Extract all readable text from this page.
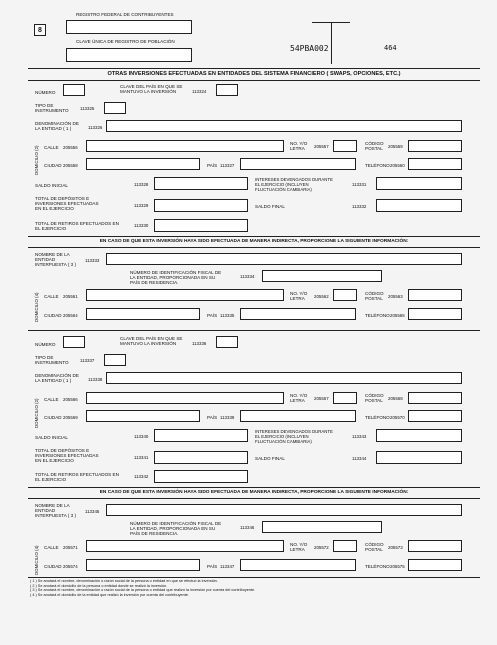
REGISTRO FEDERAL DE CONTRIBUYENTES
8
CLAVE ÚNICA DE REGISTRO DE POBLACIÓN
54PBA002	464
OTRAS INVERSIONES EFECTUADAS EN ENTIDADES DEL SISTEMA FINANCIERO ( SWAPS, OPCIONES, ETC.)
NÚMERO
CLAVE DEL PAÍS EN QUE SE
MANTUVO LA INVERSIÓN	113324
TIPO DE
INSTRUMENTO	113325
DENOMINACIÓN DE
LA ENTIDAD ( 1 )	113326
DOMICILIO (2) CALLE 205556
NO. Y/O
LETRA	205557
CÓDIGO
POSTAL 205559
CIUDAD 205558	PAÍS 113327	TELÉFONO 205560
SALDO INICIAL	113328
INTERESES DEVENGADOS DURANTE
EL EJERCICIO (INCLUYEN
FLUCTUACIÓN CAMBIARIA)
113331
TOTAL DE DEPÓSITOS E
INVERSIONES EFECTUADAS
EN EL EJERCICIO
113329	SALDO FINAL	113332
TOTAL DE RETIROS EFECTUADOS EN
EL EJERCICIO
113330
EN CASO DE QUE ESTA INVERSIÓN HAYA SIDO EFECTUADA DE MANERA INDIRECTA, PROPORCIONE LA SIGUIENTE INFORMACIÓN:
NOMBRE DE LA
ENTIDAD
INTERPUESTA ( 3 )
113333
NÚMERO DE IDENTIFICACIÓN FISCAL DE
LA ENTIDAD, PROPORCIONADA EN SU
PAÍS DE RESIDENCIA.
113334
DOMICILIO (4) CALLE 205561
NO. Y/O
LETRA	205562
CÓDIGO
POSTAL 205563
CIUDAD 205564	PAÍS 113335	TELÉFONO 205565
NÚMERO
CLAVE DEL PAÍS EN QUE SE
MANTUVO LA INVERSIÓN	113336
TIPO DE
INSTRUMENTO	113337
DENOMINACIÓN DE
LA ENTIDAD ( 1 )	113338
DOMICILIO (2) CALLE 205566
NO. Y/O
LETRA	205567
CÓDIGO
POSTAL 205568
CIUDAD 205569	PAÍS 113339	TELÉFONO 205570
SALDO INICIAL	113340
INTERESES DEVENGADOS DURANTE
EL EJERCICIO (INCLUYEN
FLUCTUACIÓN CAMBIARIA)
113343
TOTAL DE DEPÓSITOS E
INVERSIONES EFECTUADAS
EN EL EJERCICIO
113341	SALDO FINAL	113344
TOTAL DE RETIROS EFECTUADOS EN
EL EJERCICIO
113342
EN CASO DE QUE ESTA INVERSIÓN HAYA SIDO EFECTUADA DE MANERA INDIRECTA, PROPORCIONE LA SIGUIENTE INFORMACIÓN:
NOMBRE DE LA
ENTIDAD
INTERPUESTA ( 3 )
113345
NÚMERO DE IDENTIFICACIÓN FISCAL DE
LA ENTIDAD, PROPORCIONADA EN SU
PAÍS DE RESIDENCIA.
113346
DOMICILIO (4) CALLE 205571
NO. Y/O
LETRA	205572
CÓDIGO
POSTAL 205573
CIUDAD 205574	PAÍS 113347	TELÉFONO 205575
( 1 ) Se anotará el nombre, denominación o razón social de la persona o entidad en que se efectuó la inversión.
( 2 ) Se anotará el domicilio de la persona o entidad donde se realizó la inversión.
( 3 ) Se anotará el nombre, denominación o razón social de la persona o entidad que realizó la inversión por cuenta del contribuyente.
( 4 ) Se anotará el domicilio de la entidad que realizó la inversión por cuenta del contribuyente.
